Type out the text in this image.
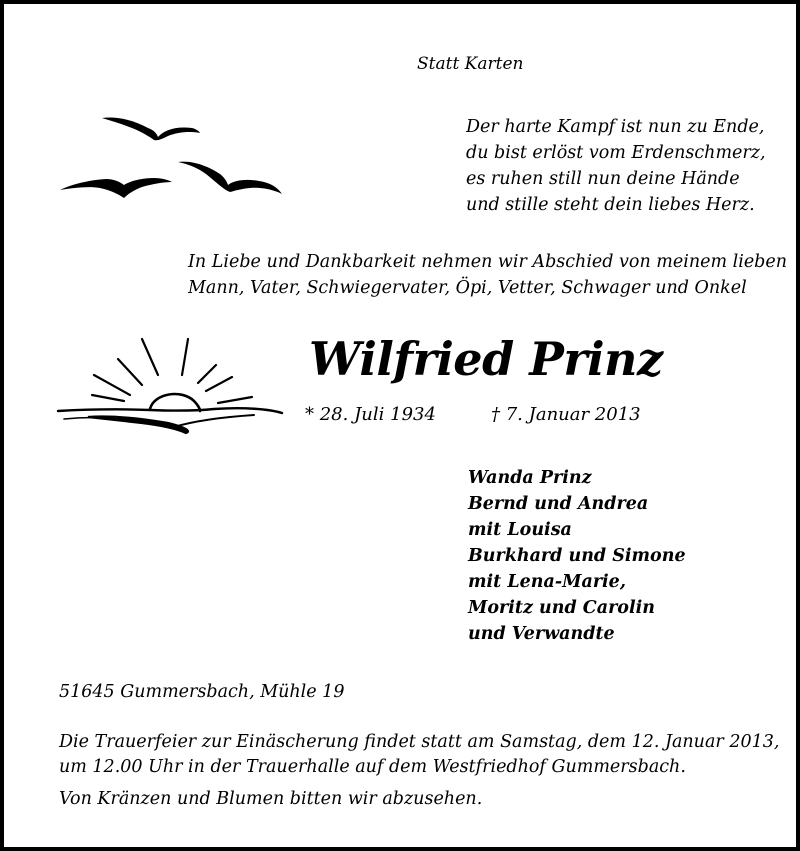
Statt Karten
Der harte Kampf ist nun zu Ende,
du bist erlöst vom Erdenschmerz,
es ruhen still nun deine Hände
und stille steht dein liebes Herz.
In Liebe und Dankbarkeit nehmen wir Abschied von meinem lieben
Mann, Vater, Schwiegervater, Öpi, Vetter, Schwager und Onkel
Wilfried Prinz
* 28. Juli 1934	† 7. Januar 2013
Wanda Prinz
Bernd und Andrea
mit Louisa
Burkhard und Simone
mit Lena-Marie,
Moritz und Carolin
und Verwandte
51645 Gummersbach, Mühle 19
Die Trauerfeier zur Einäscherung findet statt am Samstag, dem 12. Januar 2013,
um 12.00 Uhr in der Trauerhalle auf dem Westfriedhof Gummersbach.
Von Kränzen und Blumen bitten wir abzusehen.
